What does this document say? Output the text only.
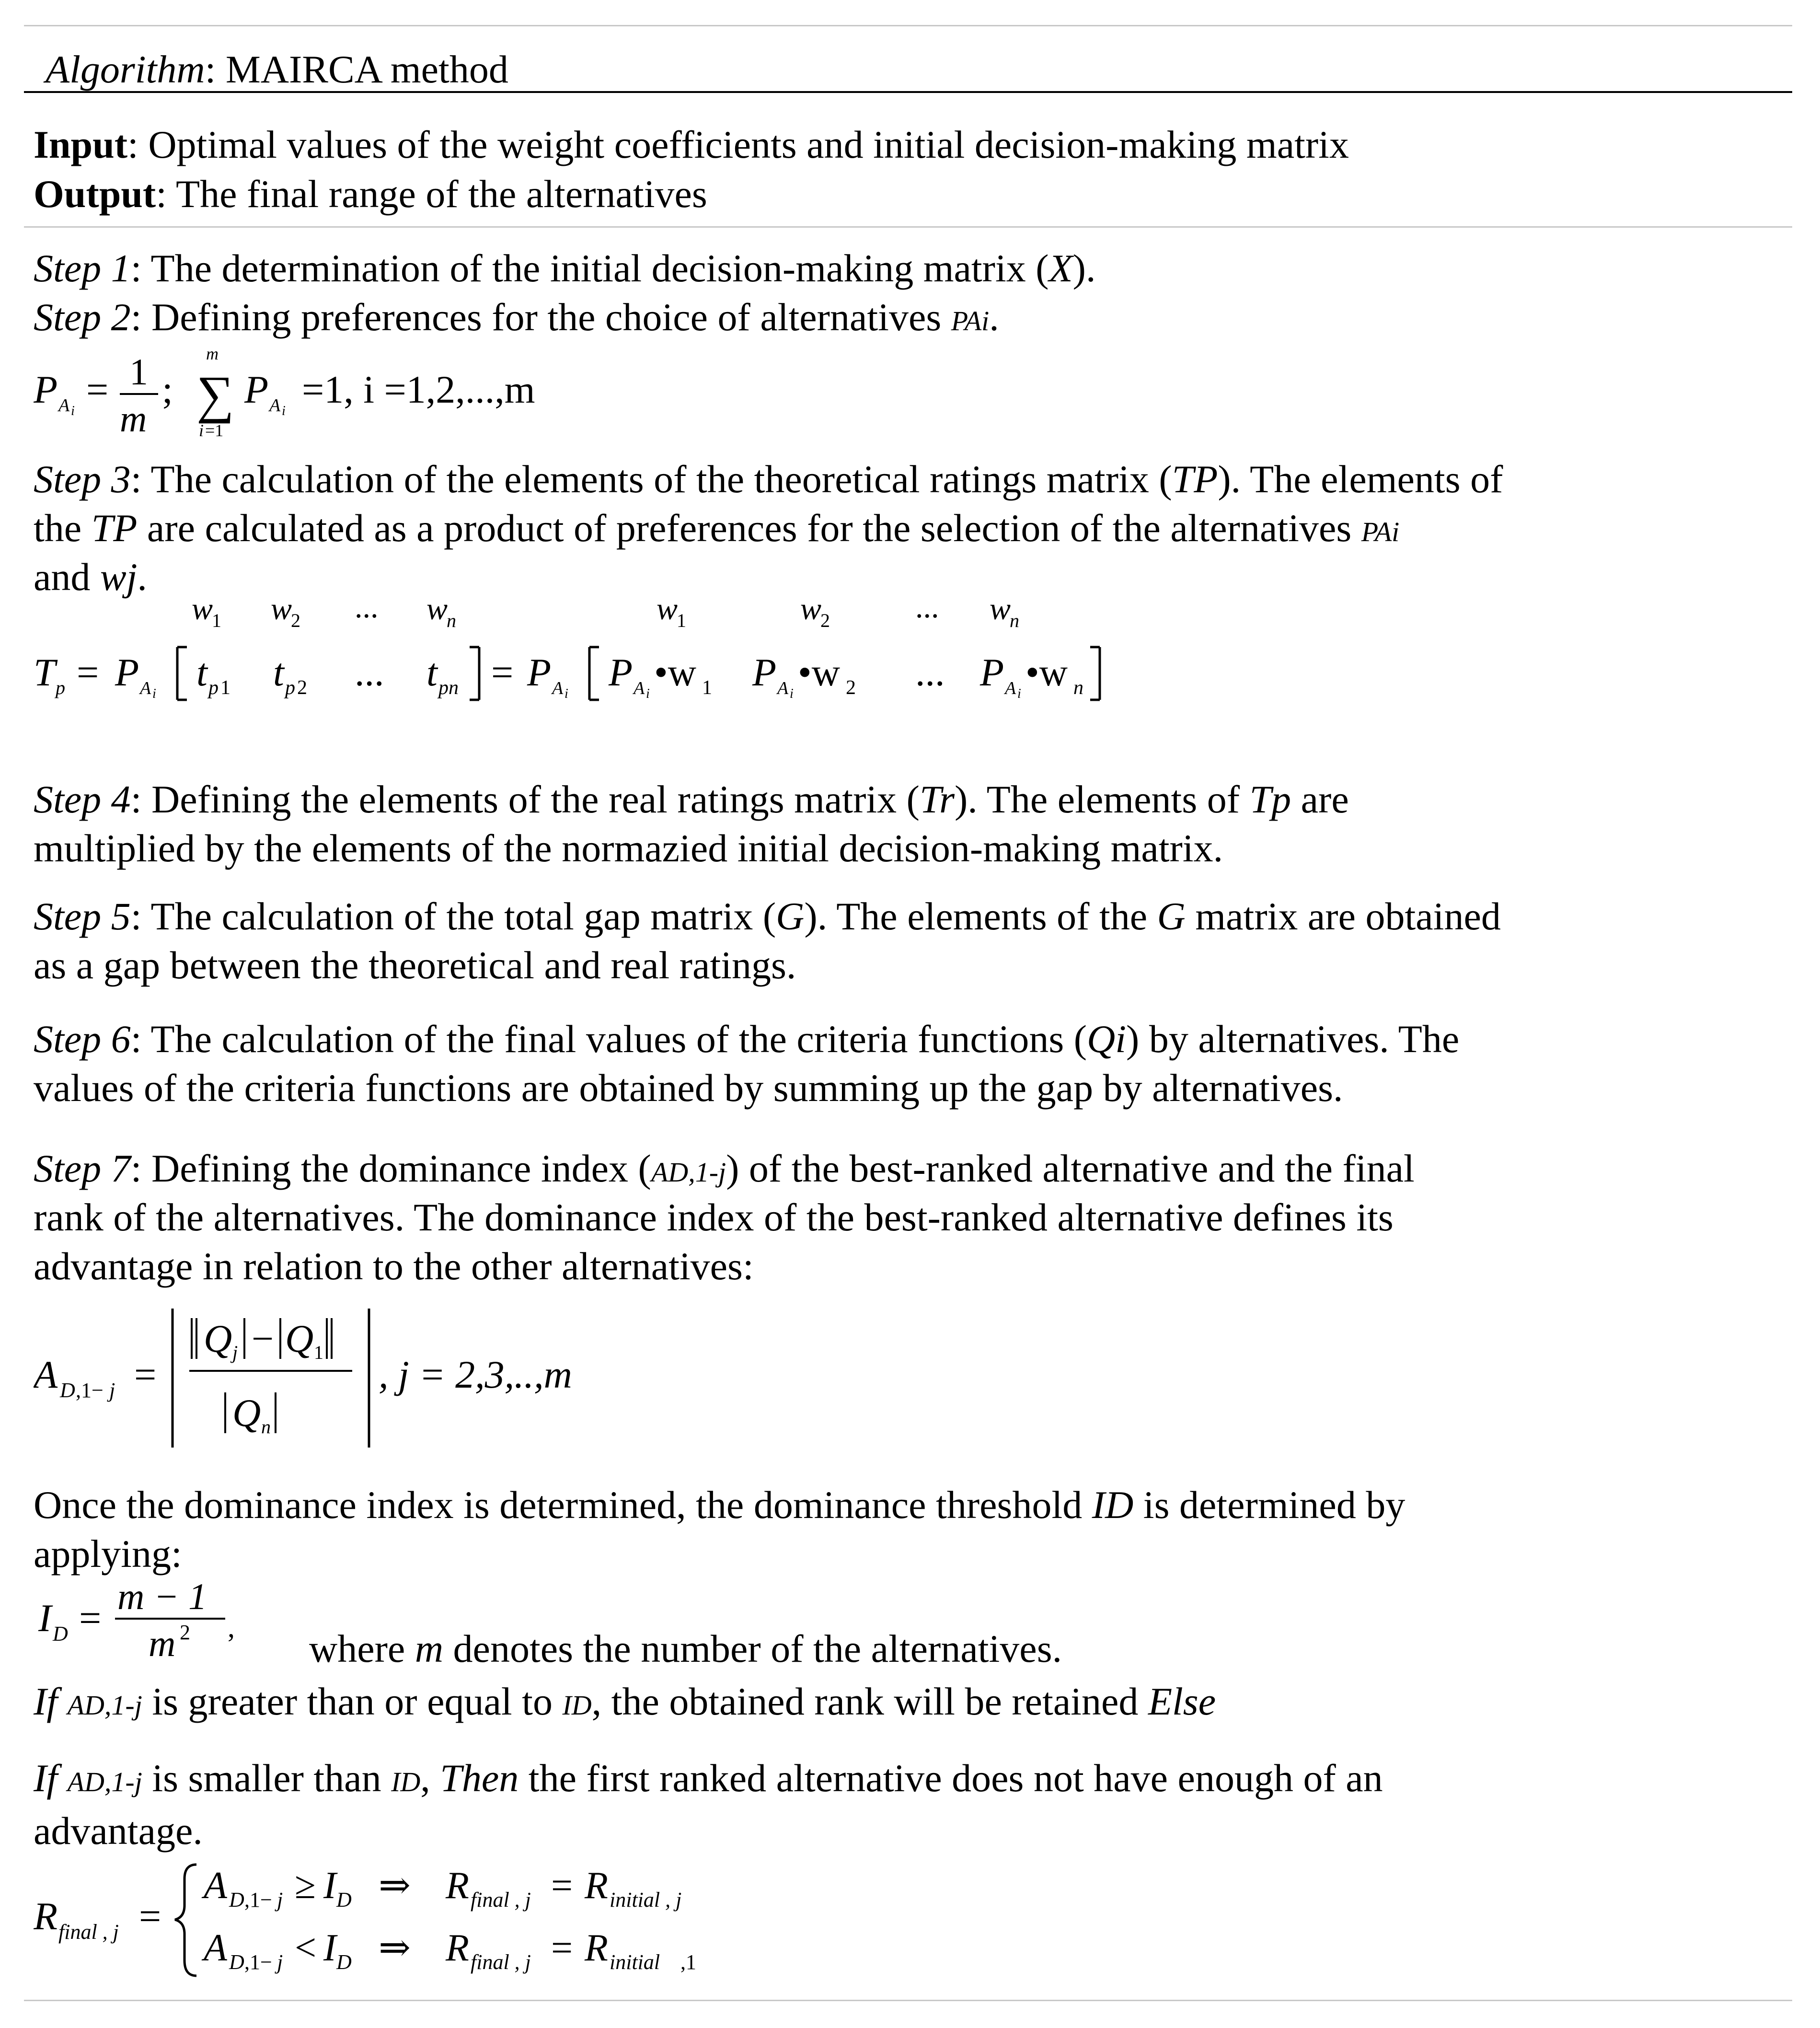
Algorithm: MAIRCA method
Input: Optimal values of the weight coefficients and initial decision-making matrix
Output: The final range of the alternatives
Step 1: The determination of the initial decision-making matrix (X).
Step 2: Defining preferences for the choice of alternatives PAi.
P A i = 1
m
;
m
∑
i =1
P A i =1, i =1,2,...,m
Step 3: The calculation of the elements of the theoretical ratings matrix (TP). The elements of
the TP are calculated as a product of preferences for the selection of the alternatives PAi
and wj.
w
1 w
2 ... w
n	w
1	w
2	... w
n
T p = P A i t p 1 t p 2 ... t pn = P A i P A i •w 1 P A i •w 2 ... P A i •w n
Step 4: Defining the elements of the real ratings matrix (Tr). The elements of Tp are
multiplied by the elements of the normazied initial decision-making matrix.
Step 5: The calculation of the total gap matrix (G). The elements of the G matrix are obtained
as a gap between the theoretical and real ratings.
Step 6: The calculation of the final values of the criteria functions (Qi) by alternatives. The
values of the criteria functions are obtained by summing up the gap by alternatives.
Step 7: Defining the dominance index (AD,1-j) of the best-ranked alternative and the final
rank of the alternatives. The dominance index of the best-ranked alternative defines its
advantage in relation to the other alternatives:
A D ,1− j =
Q j − Q 1
Q n
, j = 2,3,..,m
Once the dominance index is determined, the dominance threshold ID is determined by
applying:
I D = m − 1
m 2 , where m denotes the number of the alternatives.
If AD,1-j is greater than or equal to ID, the obtained rank will be retained Else
If AD,1-j is smaller than ID, Then the first ranked alternative does not have enough of an
advantage.
R final , j =
A D ,1− j ≥ I D ⇒ R final , j = R initial , j
A D ,1− j < I D ⇒ R final , j = R initial ,1
